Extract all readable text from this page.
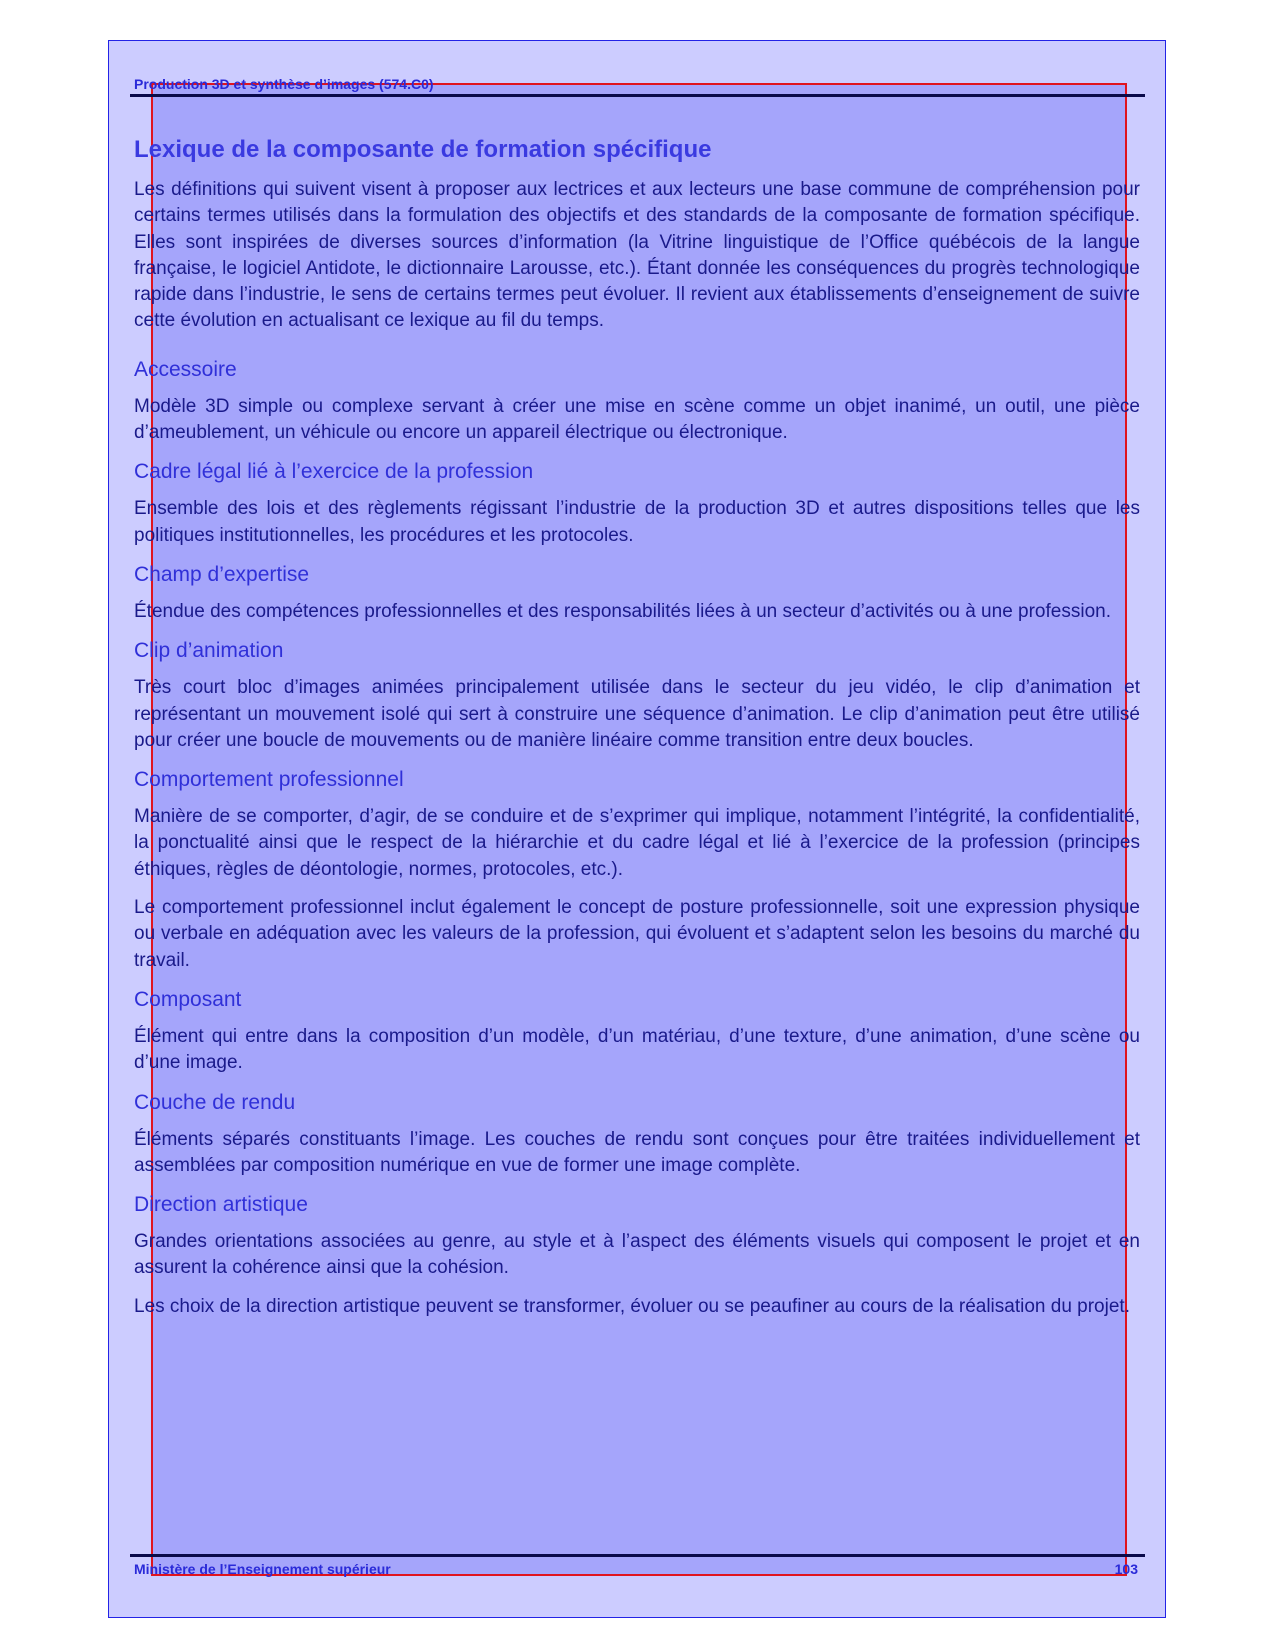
Production 3D et synthèse d’images (574.C0)
Lexique de la composante de formation spécifique

Les définitions qui suivent visent à proposer aux lectrices et aux lecteurs une base commune de compréhension pour certains termes utilisés dans la formulation des objectifs et des standards de la composante de formation spécifique. Elles sont inspirées de diverses sources d’information (la Vitrine linguistique de l’Office québécois de la langue française, le logiciel Antidote, le dictionnaire Larousse, etc.). Étant donnée les conséquences du progrès technologique rapide dans l’industrie, le sens de certains termes peut évoluer. Il revient aux établissements d’enseignement de suivre cette évolution en actualisant ce lexique au fil du temps.

Accessoire

Modèle 3D simple ou complexe servant à créer une mise en scène comme un objet inanimé, un outil, une pièce d’ameublement, un véhicule ou encore un appareil électrique ou électronique.

Cadre légal lié à l’exercice de la profession

Ensemble des lois et des règlements régissant l’industrie de la production 3D et autres dispositions telles que les politiques institutionnelles, les procédures et les protocoles.

Champ d’expertise

Étendue des compétences professionnelles et des responsabilités liées à un secteur d’activités ou à une profession.

Clip d’animation

Très court bloc d’images animées principalement utilisée dans le secteur du jeu vidéo, le clip d’animation et représentant un mouvement isolé qui sert à construire une séquence d’animation. Le clip d’animation peut être utilisé pour créer une boucle de mouvements ou de manière linéaire comme transition entre deux boucles.

Comportement professionnel

Manière de se comporter, d’agir, de se conduire et de s’exprimer qui implique, notamment l’intégrité, la confidentialité, la ponctualité ainsi que le respect de la hiérarchie et du cadre légal et lié à l’exercice de la profession (principes éthiques, règles de déontologie, normes, protocoles, etc.).

Le comportement professionnel inclut également le concept de posture professionnelle, soit une expression physique ou verbale en adéquation avec les valeurs de la profession, qui évoluent et s’adaptent selon les besoins du marché du travail.

Composant

Élément qui entre dans la composition d’un modèle, d’un matériau, d’une texture, d’une animation, d’une scène ou d’une image.

Couche de rendu

Éléments séparés constituants l’image. Les couches de rendu sont conçues pour être traitées individuellement et assemblées par composition numérique en vue de former une image complète.

Direction artistique

Grandes orientations associées au genre, au style et à l’aspect des éléments visuels qui composent le projet et en assurent la cohérence ainsi que la cohésion.

Les choix de la direction artistique peuvent se transformer, évoluer ou se peaufiner au cours de la réalisation du projet.

Ministère de l’Enseignement supérieur	103
